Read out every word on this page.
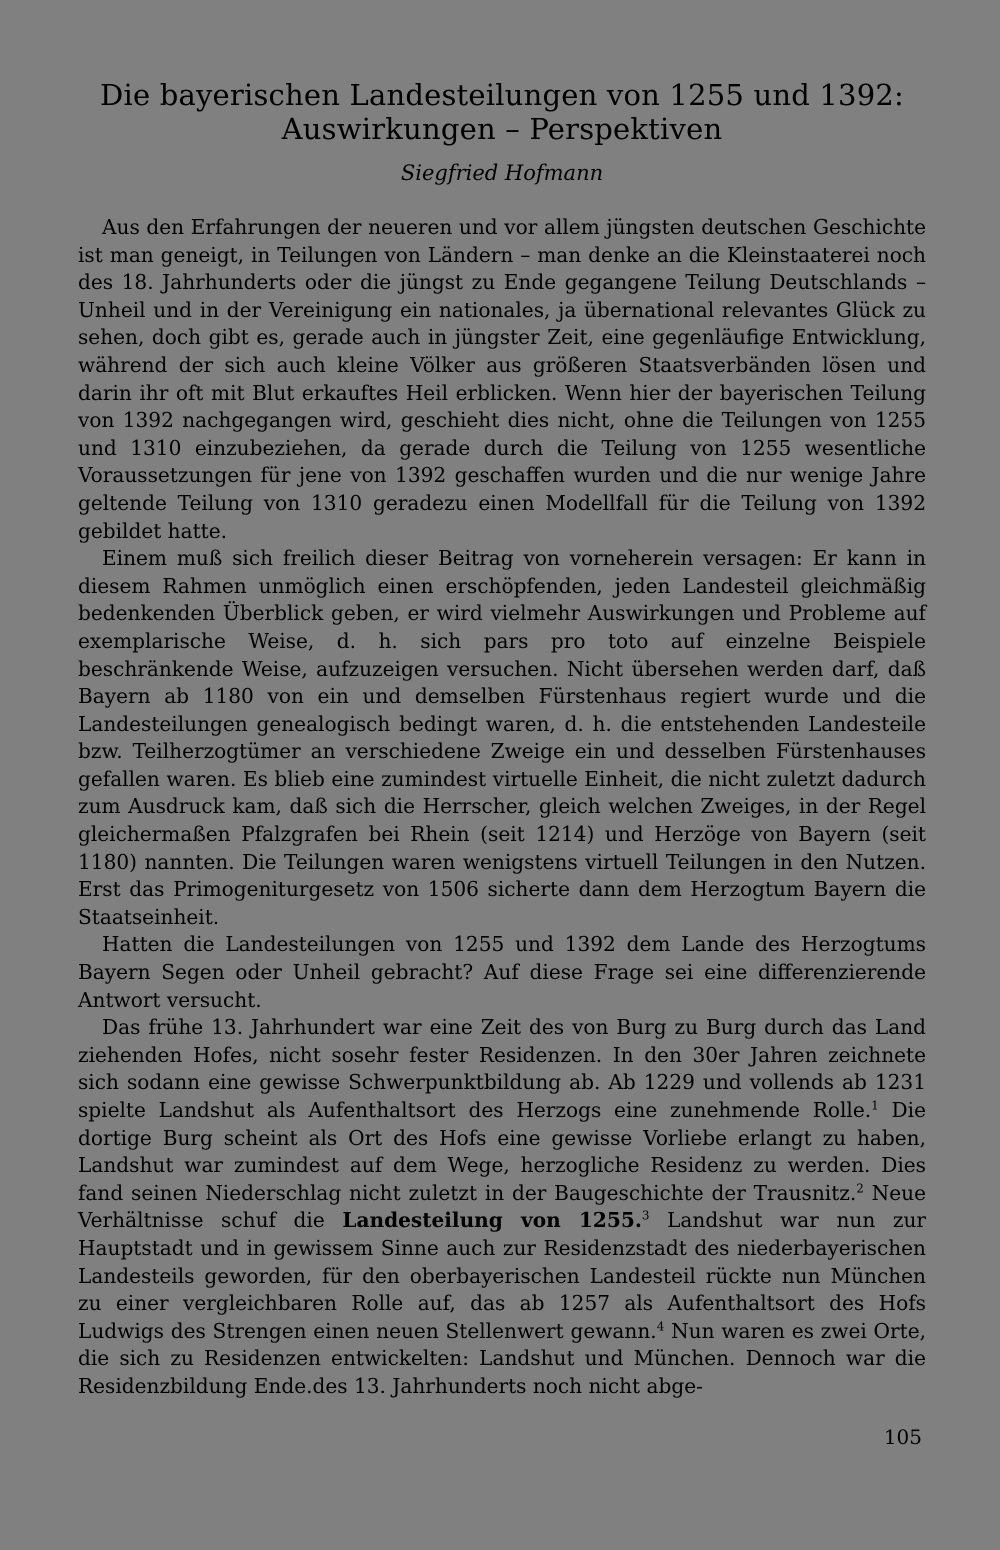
Die bayerischen Landesteilungen von 1255 und 1392:
Auswirkungen – Perspektiven
Siegfried Hofmann

Aus den Erfahrungen der neueren und vor allem jüngsten deutschen Geschichte ist man geneigt, in Teilungen von Ländern – man denke an die Kleinstaaterei noch des 18. Jahrhunderts oder die jüngst zu Ende gegangene Teilung Deutschlands – Unheil und in der Vereinigung ein nationales, ja übernational relevantes Glück zu sehen, doch gibt es, gerade auch in jüngster Zeit, eine gegenläufige Entwicklung, während der sich auch kleine Völker aus größeren Staatsverbänden lösen und darin ihr oft mit Blut erkauftes Heil erblicken. Wenn hier der bayerischen Teilung von 1392 nachgegangen wird, geschieht dies nicht, ohne die Teilungen von 1255 und 1310 einzubeziehen, da gerade durch die Teilung von 1255 wesentliche Voraussetzungen für jene von 1392 geschaffen wurden und die nur wenige Jahre geltende Teilung von 1310 geradezu einen Modellfall für die Teilung von 1392 gebildet hatte.

Einem muß sich freilich dieser Beitrag von vorneherein versagen: Er kann in diesem Rahmen unmöglich einen erschöpfenden, jeden Landesteil gleichmäßig bedenkenden Überblick geben, er wird vielmehr Auswirkungen und Probleme auf exemplarische Weise, d. h. sich pars pro toto auf einzelne Beispiele beschränkende Weise, aufzuzeigen versuchen. Nicht übersehen werden darf, daß Bayern ab 1180 von ein und demselben Fürstenhaus regiert wurde und die Landesteilungen genealogisch bedingt waren, d. h. die entstehenden Landesteile bzw. Teilherzogtümer an verschiedene Zweige ein und desselben Fürstenhauses gefallen waren. Es blieb eine zumindest virtuelle Einheit, die nicht zuletzt dadurch zum Ausdruck kam, daß sich die Herrscher, gleich welchen Zweiges, in der Regel gleichermaßen Pfalzgrafen bei Rhein (seit 1214) und Herzöge von Bayern (seit 1180) nannten. Die Teilungen waren wenigstens virtuell Teilungen in den Nutzen. Erst das Primogeniturgesetz von 1506 sicherte dann dem Herzogtum Bayern die Staatseinheit.

Hatten die Landesteilungen von 1255 und 1392 dem Lande des Herzogtums Bayern Segen oder Unheil gebracht? Auf diese Frage sei eine differenzierende Antwort versucht.

Das frühe 13. Jahrhundert war eine Zeit des von Burg zu Burg durch das Land ziehenden Hofes, nicht sosehr fester Residenzen. In den 30er Jahren zeichnete sich sodann eine gewisse Schwerpunktbildung ab. Ab 1229 und vollends ab 1231 spielte Landshut als Aufenthaltsort des Herzogs eine zunehmende Rolle.$^1$ Die dortige Burg scheint als Ort des Hofs eine gewisse Vorliebe erlangt zu haben, Landshut war zumindest auf dem Wege, herzogliche Residenz zu werden. Dies fand seinen Niederschlag nicht zuletzt in der Baugeschichte der Trausnitz.$^2$ Neue Verhältnisse schuf die Landesteilung von 1255.$^3$ Landshut war nun zur Hauptstadt und in gewissem Sinne auch zur Residenzstadt des niederbayerischen Landesteils geworden, für den oberbayerischen Landesteil rückte nun München zu einer vergleichbaren Rolle auf, das ab 1257 als Aufenthaltsort des Hofs Ludwigs des Strengen einen neuen Stellenwert gewann.$^4$ Nun waren es zwei Orte, die sich zu Residenzen entwickelten: Landshut und München. Dennoch war die Residenzbildung Ende.des 13. Jahrhunderts noch nicht abge-

105
